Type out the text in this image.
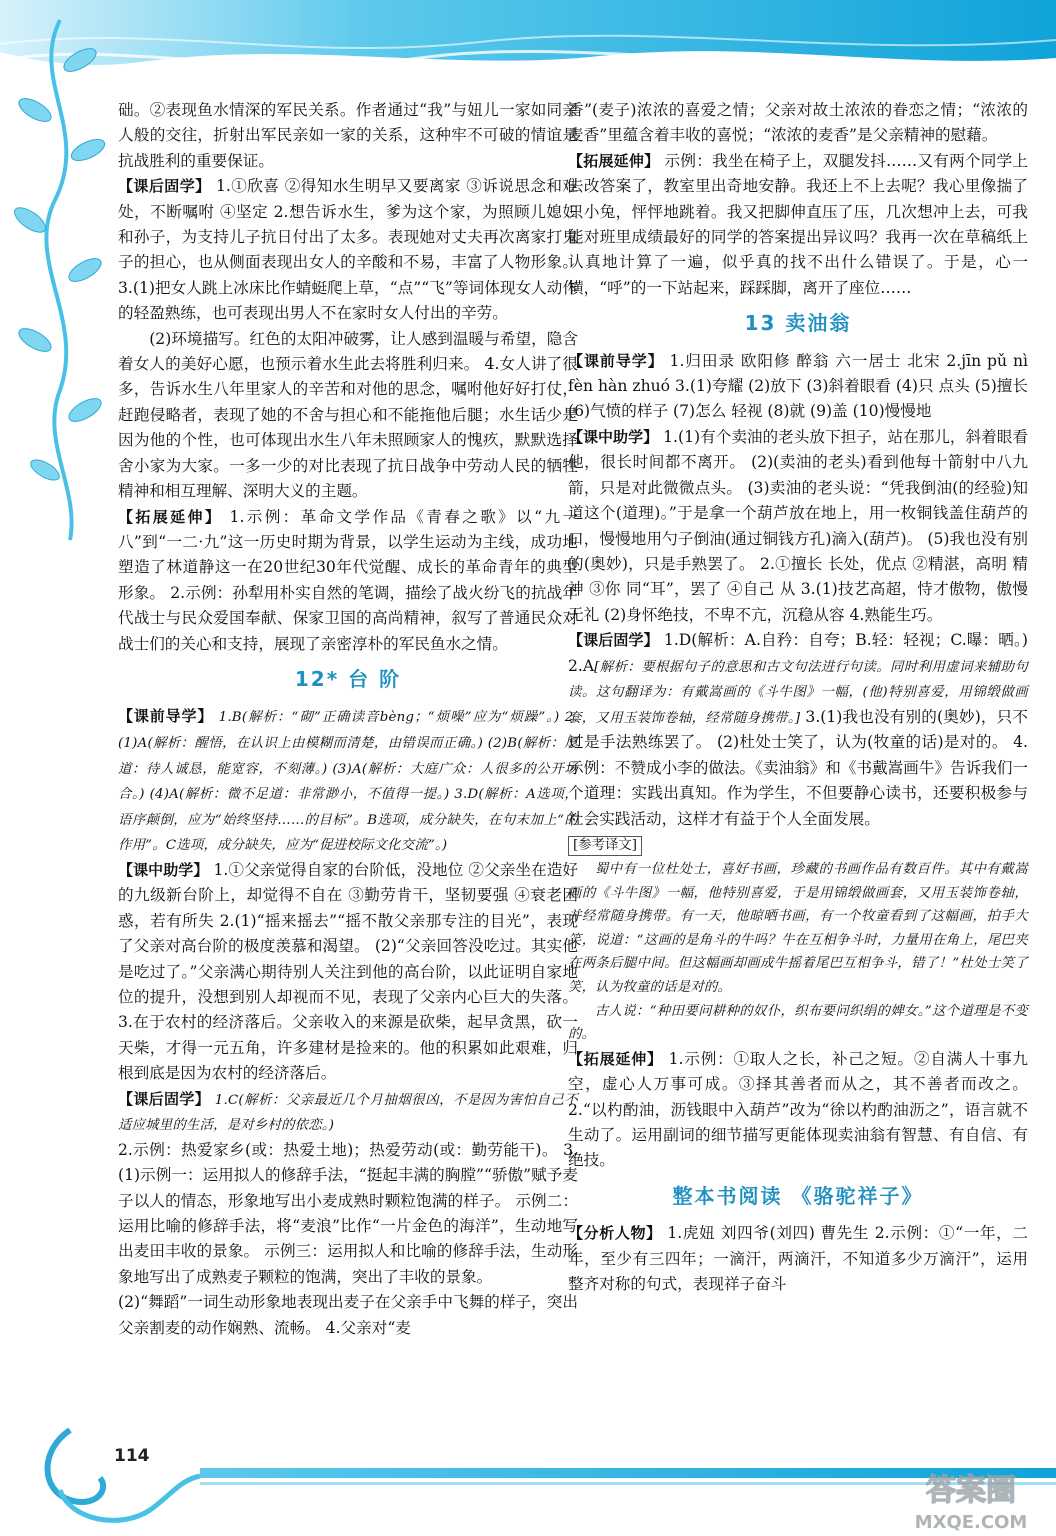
114

础。②表现鱼水情深的军民关系。作者通过“我”与妞儿一家如同亲人般的交往，折射出军民亲如一家的关系，这种牢不可破的情谊是抗战胜利的重要保证。

【课后固学】 1.①欣喜 ②得知水生明早又要离家 ③诉说思念和难处，不断嘱咐 ④坚定 2.想告诉水生，爹为这个家，为照顾儿媳妇和孙子，为支持儿子抗日付出了太多。表现她对丈夫再次离家打鬼子的担心，也从侧面表现出女人的辛酸和不易，丰富了人物形象。 3.(1)把女人跳上冰床比作蜻蜓爬上草，“点”“飞”等词体现女人动作的轻盈熟练，也可表现出男人不在家时女人付出的辛劳。

(2)环境描写。红色的太阳冲破雾，让人感到温暖与希望，隐含着女人的美好心愿，也预示着水生此去将胜利归来。 4.女人讲了很多，告诉水生八年里家人的辛苦和对他的思念，嘱咐他好好打仗，赶跑侵略者，表现了她的不舍与担心和不能拖他后腿；水生话少是因为他的个性，也可体现出水生八年未照顾家人的愧疚，默默选择舍小家为大家。一多一少的对比表现了抗日战争中劳动人民的牺牲精神和相互理解、深明大义的主题。

【拓展延伸】 1.示例：革命文学作品《青春之歌》以“九一八”到“一二·九”这一历史时期为背景，以学生运动为主线，成功地塑造了林道静这一在20世纪30年代觉醒、成长的革命青年的典型形象。 2.示例：孙犁用朴实自然的笔调，描绘了战火纷飞的抗战年代战士与民众爱国奉献、保家卫国的高尚精神，叙写了普通民众对战士们的关心和支持，展现了亲密淳朴的军民鱼水之情。

12* 台 阶

【课前导学】 1.B(解析：“砌”正确读音bèng；“烦噪”应为“烦躁”。) 2.(1)A(解析：醒悟，在认识上由模糊而清楚，由错误而正确。) (2)B(解析：厚道：待人诚恳，能宽容，不刻薄。) (3)A(解析：大庭广众：人很多的公开场合。) (4)A(解析：微不足道：非常渺小，不值得一提。) 3.D(解析：A选项，语序颠倒，应为“始终坚持……的目标”。B选项，成分缺失，在句末加上“的作用”。C选项，成分缺失，应为“促进校际文化交流”。)

【课中助学】 1.①父亲觉得自家的台阶低，没地位 ②父亲坐在造好的九级新台阶上，却觉得不自在 ③勤劳肯干，坚韧要强 ④衰老困惑，若有所失 2.(1)“摇来摇去”“摇不散父亲那专注的目光”，表现了父亲对高台阶的极度羡慕和渴望。 (2)“父亲回答没吃过。其实他是吃过了。”父亲满心期待别人关注到他的高台阶，以此证明自家地位的提升，没想到别人却视而不见，表现了父亲内心巨大的失落。 3.在于农村的经济落后。父亲收入的来源是砍柴，起早贪黑，砍一天柴，才得一元五角，许多建材是捡来的。他的积累如此艰难，归根到底是因为农村的经济落后。

【课后固学】 1.C(解析：父亲最近几个月抽烟很凶，不是因为害怕自己不适应城里的生活，是对乡村的依恋。)

2.示例：热爱家乡(或：热爱土地)；热爱劳动(或：勤劳能干)。 3.(1)示例一：运用拟人的修辞手法，“挺起丰满的胸膛”“骄傲”赋予麦子以人的情态，形象地写出小麦成熟时颗粒饱满的样子。 示例二：运用比喻的修辞手法，将“麦浪”比作“一片金色的海洋”，生动地写出麦田丰收的景象。 示例三：运用拟人和比喻的修辞手法，生动形象地写出了成熟麦子颗粒的饱满，突出了丰收的景象。

(2)“舞蹈”一词生动形象地表现出麦子在父亲手中飞舞的样子，突出父亲割麦的动作娴熟、流畅。 4.父亲对“麦

香”(麦子)浓浓的喜爱之情；父亲对故土浓浓的眷恋之情；“浓浓的麦香”里蕴含着丰收的喜悦；“浓浓的麦香”是父亲精神的慰藉。

【拓展延伸】 示例：我坐在椅子上，双腿发抖……又有两个同学上去改答案了，教室里出奇地安静。我还上不上去呢？我心里像揣了只小兔，怦怦地跳着。我又把脚伸直压了压，几次想冲上去，可我能对班里成绩最好的同学的答案提出异议吗？我再一次在草稿纸上认真地计算了一遍，似乎真的找不出什么错误了。于是，心一横，“呼”的一下站起来，踩踩脚，离开了座位……

13 卖油翁

【课前导学】 1.归田录 欧阳修 醉翁 六一居士 北宋 2.jīn pǔ nì fèn hàn zhuó 3.(1)夸耀 (2)放下 (3)斜着眼看 (4)只 点头 (5)擅长 (6)气愤的样子 (7)怎么 轻视 (8)就 (9)盖 (10)慢慢地

【课中助学】 1.(1)有个卖油的老头放下担子，站在那儿，斜着眼看他，很长时间都不离开。 (2)(卖油的老头)看到他每十箭射中八九箭，只是对此微微点头。 (3)卖油的老头说：“凭我倒油(的经验)知道这个(道理)。”于是拿一个葫芦放在地上，用一枚铜钱盖住葫芦的口，慢慢地用勺子倒油(通过铜钱方孔)滴入(葫芦)。 (5)我也没有别的(奥妙)，只是手熟罢了。 2.①擅长 长处，优点 ②精湛，高明 精神 ③你 同“耳”，罢了 ④自己 从 3.(1)技艺高超，恃才傲物，傲慢无礼 (2)身怀绝技，不卑不亢，沉稳从容 4.熟能生巧。

【课后固学】 1.D(解析：A.自矜：自夸；B.轻：轻视；C.曝：晒。) 2.A[解析：要根据句子的意思和古文句法进行句读。同时利用虚词来辅助句读。这句翻译为：有戴嵩画的《斗牛图》一幅，(他)特别喜爱，用锦缎做画套，又用玉装饰卷轴，经常随身携带。] 3.(1)我也没有别的(奥妙)，只不过是手法熟练罢了。 (2)杜处士笑了，认为(牧童的话)是对的。 4.示例：不赞成小李的做法。《卖油翁》和《书戴嵩画牛》告诉我们一个道理：实践出真知。作为学生，不但要静心读书，还要积极参与社会实践活动，这样才有益于个人全面发展。

[参考译文]

蜀中有一位杜处士，喜好书画，珍藏的书画作品有数百件。其中有戴嵩画的《斗牛图》一幅，他特别喜爱，于是用锦缎做画套，又用玉装饰卷轴，并经常随身携带。有一天，他晾晒书画，有一个牧童看到了这幅画，拍手大笑，说道：“这画的是角斗的牛吗？牛在互相争斗时，力量用在角上，尾巴夹在两条后腿中间。但这幅画却画成牛摇着尾巴互相争斗，错了！”杜处士笑了笑，认为牧童的话是对的。

古人说：“种田要问耕种的奴仆，织布要问织绢的婢女。”这个道理是不变的。

【拓展延伸】 1.示例：①取人之长，补己之短。②自满人十事九空，虚心人万事可成。③择其善者而从之，其不善者而改之。 2.“以杓酌油，沥钱眼中入葫芦”改为“徐以杓酌油沥之”，语言就不生动了。运用副词的细节描写更能体现卖油翁有智慧、有自信、有绝技。

整本书阅读 《骆驼祥子》

【分析人物】 1.虎妞 刘四爷(刘四) 曹先生 2.示例：①“一年，二年，至少有三四年；一滴汗，两滴汗，不知道多少万滴汗”，运用整齐对称的句式，表现祥子奋斗

答案圈
MXQE.COM
